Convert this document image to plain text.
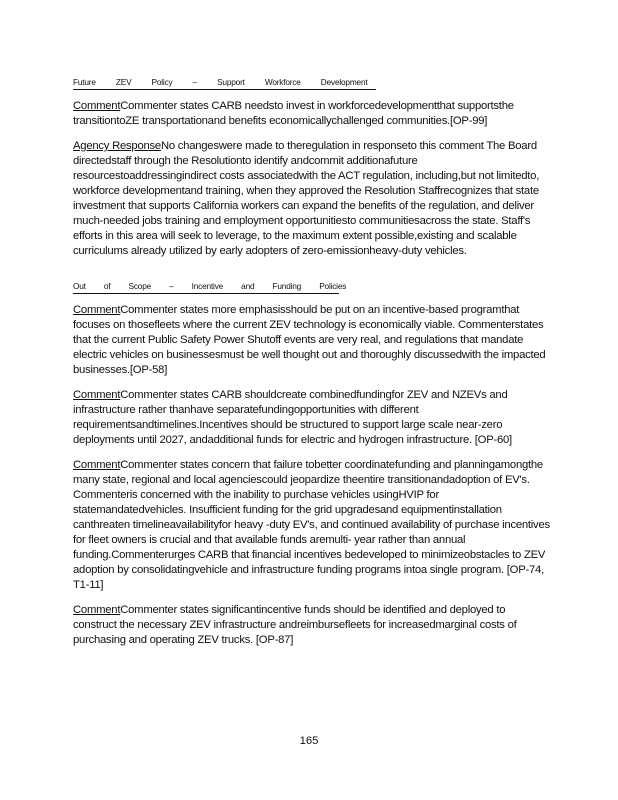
Future ZEV Policy – Support Workforce Development

CommentCommenter states CARB needsto invest in workforcedevelopmentthat supportsthe transitiontoZE transportationand benefits economicallychallenged communities.[OP-99]

Agency ResponseNo changeswere made to theregulation in responseto this comment The Board directedstaff through the Resolutionto identify andcommit additionafuture resourcestoaddressingindirect costs associatedwith the ACT regulation, including,but not limitedto, workforce developmentand training, when they approved the Resolution Staffrecognizes that state investment that supports California workers can expand the benefits of the regulation, and deliver much-needed jobs training and employment opportunitiesto communitiesacross the state. Staff's efforts in this area will seek to leverage, to the maximum extent possible,existing and scalable curriculums already utilized by early adopters of zero-emissionheavy-duty vehicles.

Out of Scope – Incentive and Funding Policies

CommentCommenter states more emphasisshould be put on an incentive-based programthat focuses on thosefleets where the current ZEV technology is economically viable. Commenterstates that the current Public Safety Power Shutoff events are very real, and regulations that mandate electric vehicles on businessesmust be well thought out and thoroughly discussedwith the impacted businesses.[OP-58]

CommentCommenter states CARB shouldcreate combinedfundingfor ZEV and NZEVs and infrastructure rather thanhave separatefundingopportunities with different requirementsandtimelines.Incentives should be structured to support large scale near-zero deployments until 2027, andadditional funds for electric and hydrogen infrastructure. [OP-60]

CommentCommenter states concern that failure tobetter coordinatefunding and planningamongthe many state, regional and local agenciescould jeopardize theentire transitionandadoption of EV's. Commenteris concerned with the inability to purchase vehicles usingHVIP for statemandatedvehicles. Insufficient funding for the grid upgradesand equipmentinstallation canthreaten timelineavailabilityfor heavy -duty EV's, and continued availability of purchase incentives for fleet owners is crucial and that available funds aremulti- year rather than annual funding.Commenterurges CARB that financial incentives bedeveloped to minimizeobstacles to ZEV adoption by consolidatingvehicle and infrastructure funding programs intoa single program. [OP-74, T1-11]

CommentCommenter states significantincentive funds should be identified and deployed to construct the necessary ZEV infrastructure andreimbursefleets for increasedmarginal costs of purchasing and operating ZEV trucks. [OP-87]

165
